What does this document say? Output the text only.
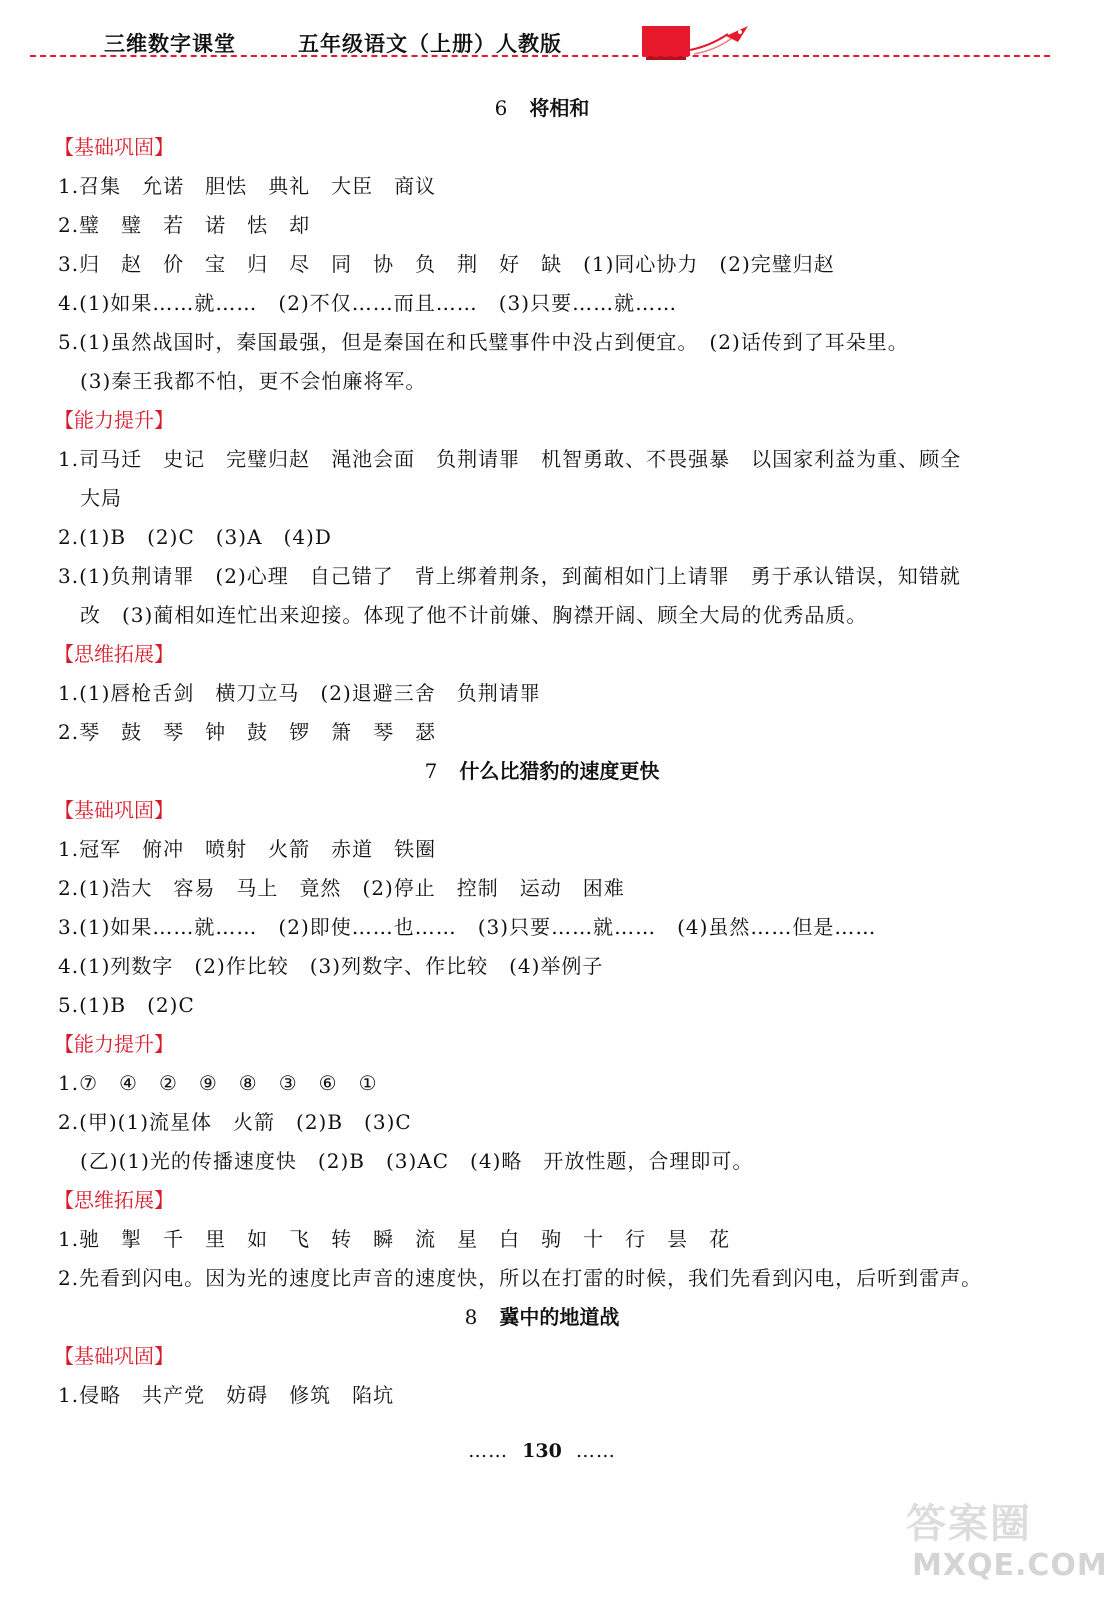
三维数字课堂	五年级语文（上册）人教版
6 将相和
【基础巩固】
1.召集　允诺　胆怯　典礼　大臣　商议
2.璧　璧　若　诺　怯　却
3.归　赵　价　宝　归　尽　同　协　负　荆　好　缺　(1)同心协力　(2)完璧归赵
4.(1)如果……就……　(2)不仅……而且……　(3)只要……就……
5.(1)虽然战国时，秦国最强，但是秦国在和氏璧事件中没占到便宜。　(2)话传到了耳朵里。
(3)秦王我都不怕，更不会怕廉将军。
【能力提升】
1.司马迁　史记　完璧归赵　渑池会面　负荆请罪　机智勇敢、不畏强暴　以国家利益为重、顾全
大局
2.(1)B　(2)C　(3)A　(4)D
3.(1)负荆请罪　(2)心理　自己错了　背上绑着荆条，到蔺相如门上请罪　勇于承认错误，知错就
改　(3)蔺相如连忙出来迎接。体现了他不计前嫌、胸襟开阔、顾全大局的优秀品质。
【思维拓展】
1.(1)唇枪舌剑　横刀立马　(2)退避三舍　负荆请罪
2.琴　鼓　琴　钟　鼓　锣　箫　琴　瑟
7 什么比猎豹的速度更快
【基础巩固】
1.冠军　俯冲　喷射　火箭　赤道　铁圈
2.(1)浩大　容易　马上　竟然　(2)停止　控制　运动　困难
3.(1)如果……就……　(2)即使……也……　(3)只要……就……　(4)虽然……但是……
4.(1)列数字　(2)作比较　(3)列数字、作比较　(4)举例子
5.(1)B　(2)C
【能力提升】
1.⑦　④　②　⑨　⑧　③　⑥　①
2.(甲)(1)流星体　火箭　(2)B　(3)C
(乙)(1)光的传播速度快　(2)B　(3)AC　(4)略　开放性题，合理即可。
【思维拓展】
1.驰　掣　千　里　如　飞　转　瞬　流　星　白　驹　十　行　昙　花
2.先看到闪电。因为光的速度比声音的速度快，所以在打雷的时候，我们先看到闪电，后听到雷声。
8 冀中的地道战
【基础巩固】
1.侵略　共产党　妨碍　修筑　陷坑
…… 130 ……
答案圈
MXQE.COM
